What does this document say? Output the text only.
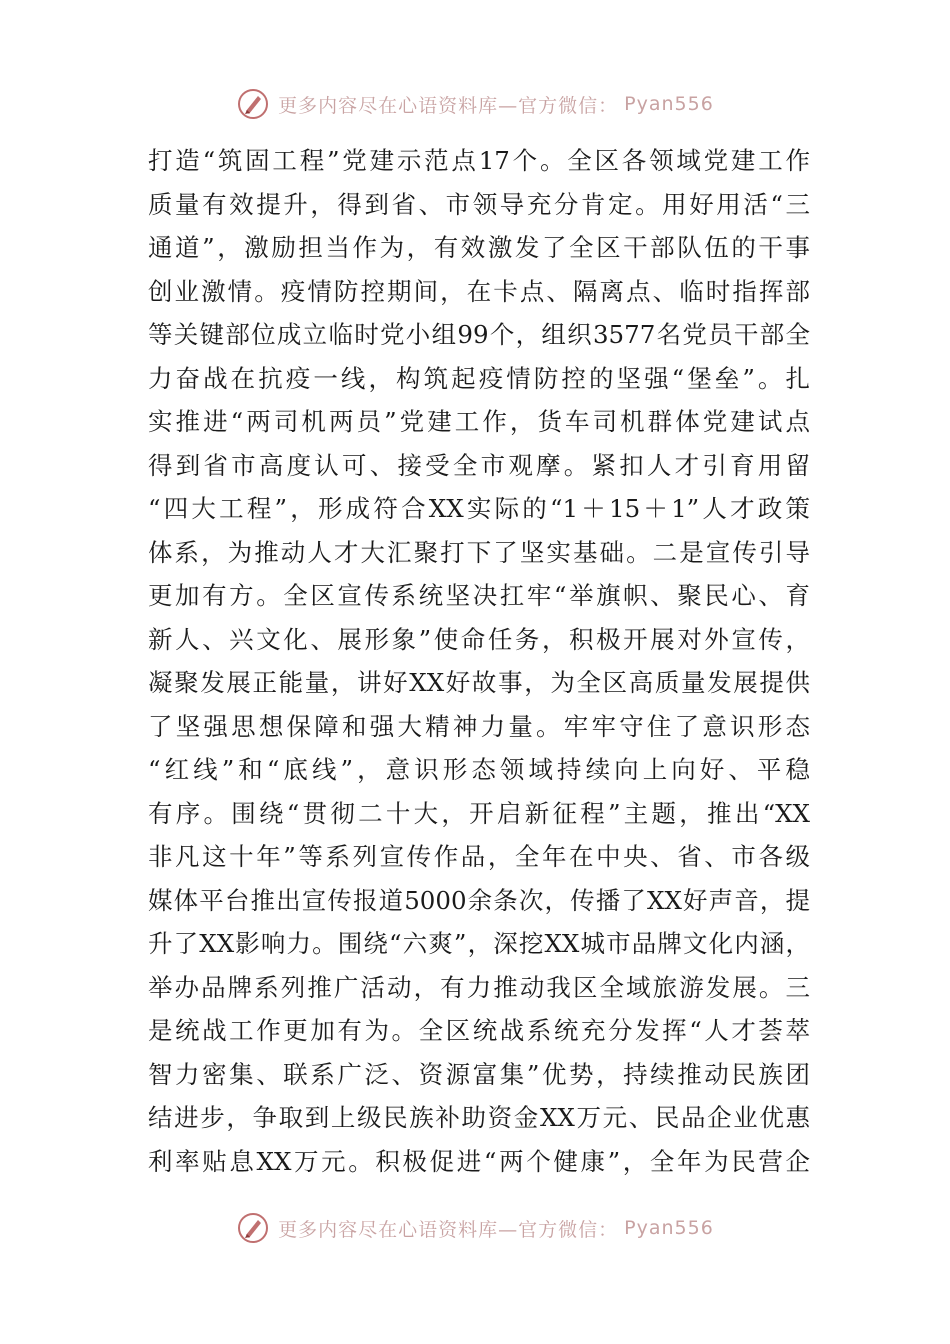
更多内容尽在心语资料库—官方微信： Pyan556
打造“筑固工程”党建示范点17个。全区各领域党建工作
质量有效提升，得到省、市领导充分肯定。用好用活“三
通道”，激励担当作为，有效激发了全区干部队伍的干事
创业激情。疫情防控期间，在卡点、隔离点、临时指挥部
等关键部位成立临时党小组99个，组织3577名党员干部全
力奋战在抗疫一线，构筑起疫情防控的坚强“堡垒”。扎
实推进“两司机两员”党建工作，货车司机群体党建试点
得到省市高度认可、接受全市观摩。紧扣人才引育用留
“四大工程”，形成符合XX实际的“1＋15＋1”人才政策
体系，为推动人才大汇聚打下了坚实基础。二是宣传引导
更加有方。全区宣传系统坚决扛牢“举旗帜、聚民心、育
新人、兴文化、展形象”使命任务，积极开展对外宣传，
凝聚发展正能量，讲好XX好故事，为全区高质量发展提供
了坚强思想保障和强大精神力量。牢牢守住了意识形态
“红线”和“底线”，意识形态领域持续向上向好、平稳
有序。围绕“贯彻二十大，开启新征程”主题，推出“XX
非凡这十年”等系列宣传作品，全年在中央、省、市各级
媒体平台推出宣传报道5000余条次，传播了XX好声音，提
升了XX影响力。围绕“六爽”，深挖XX城市品牌文化内涵，
举办品牌系列推广活动，有力推动我区全域旅游发展。三
是统战工作更加有为。全区统战系统充分发挥“人才荟萃
智力密集、联系广泛、资源富集”优势，持续推动民族团
结进步，争取到上级民族补助资金XX万元、民品企业优惠
利率贴息XX万元。积极促进“两个健康”，全年为民营企
更多内容尽在心语资料库—官方微信： Pyan556
